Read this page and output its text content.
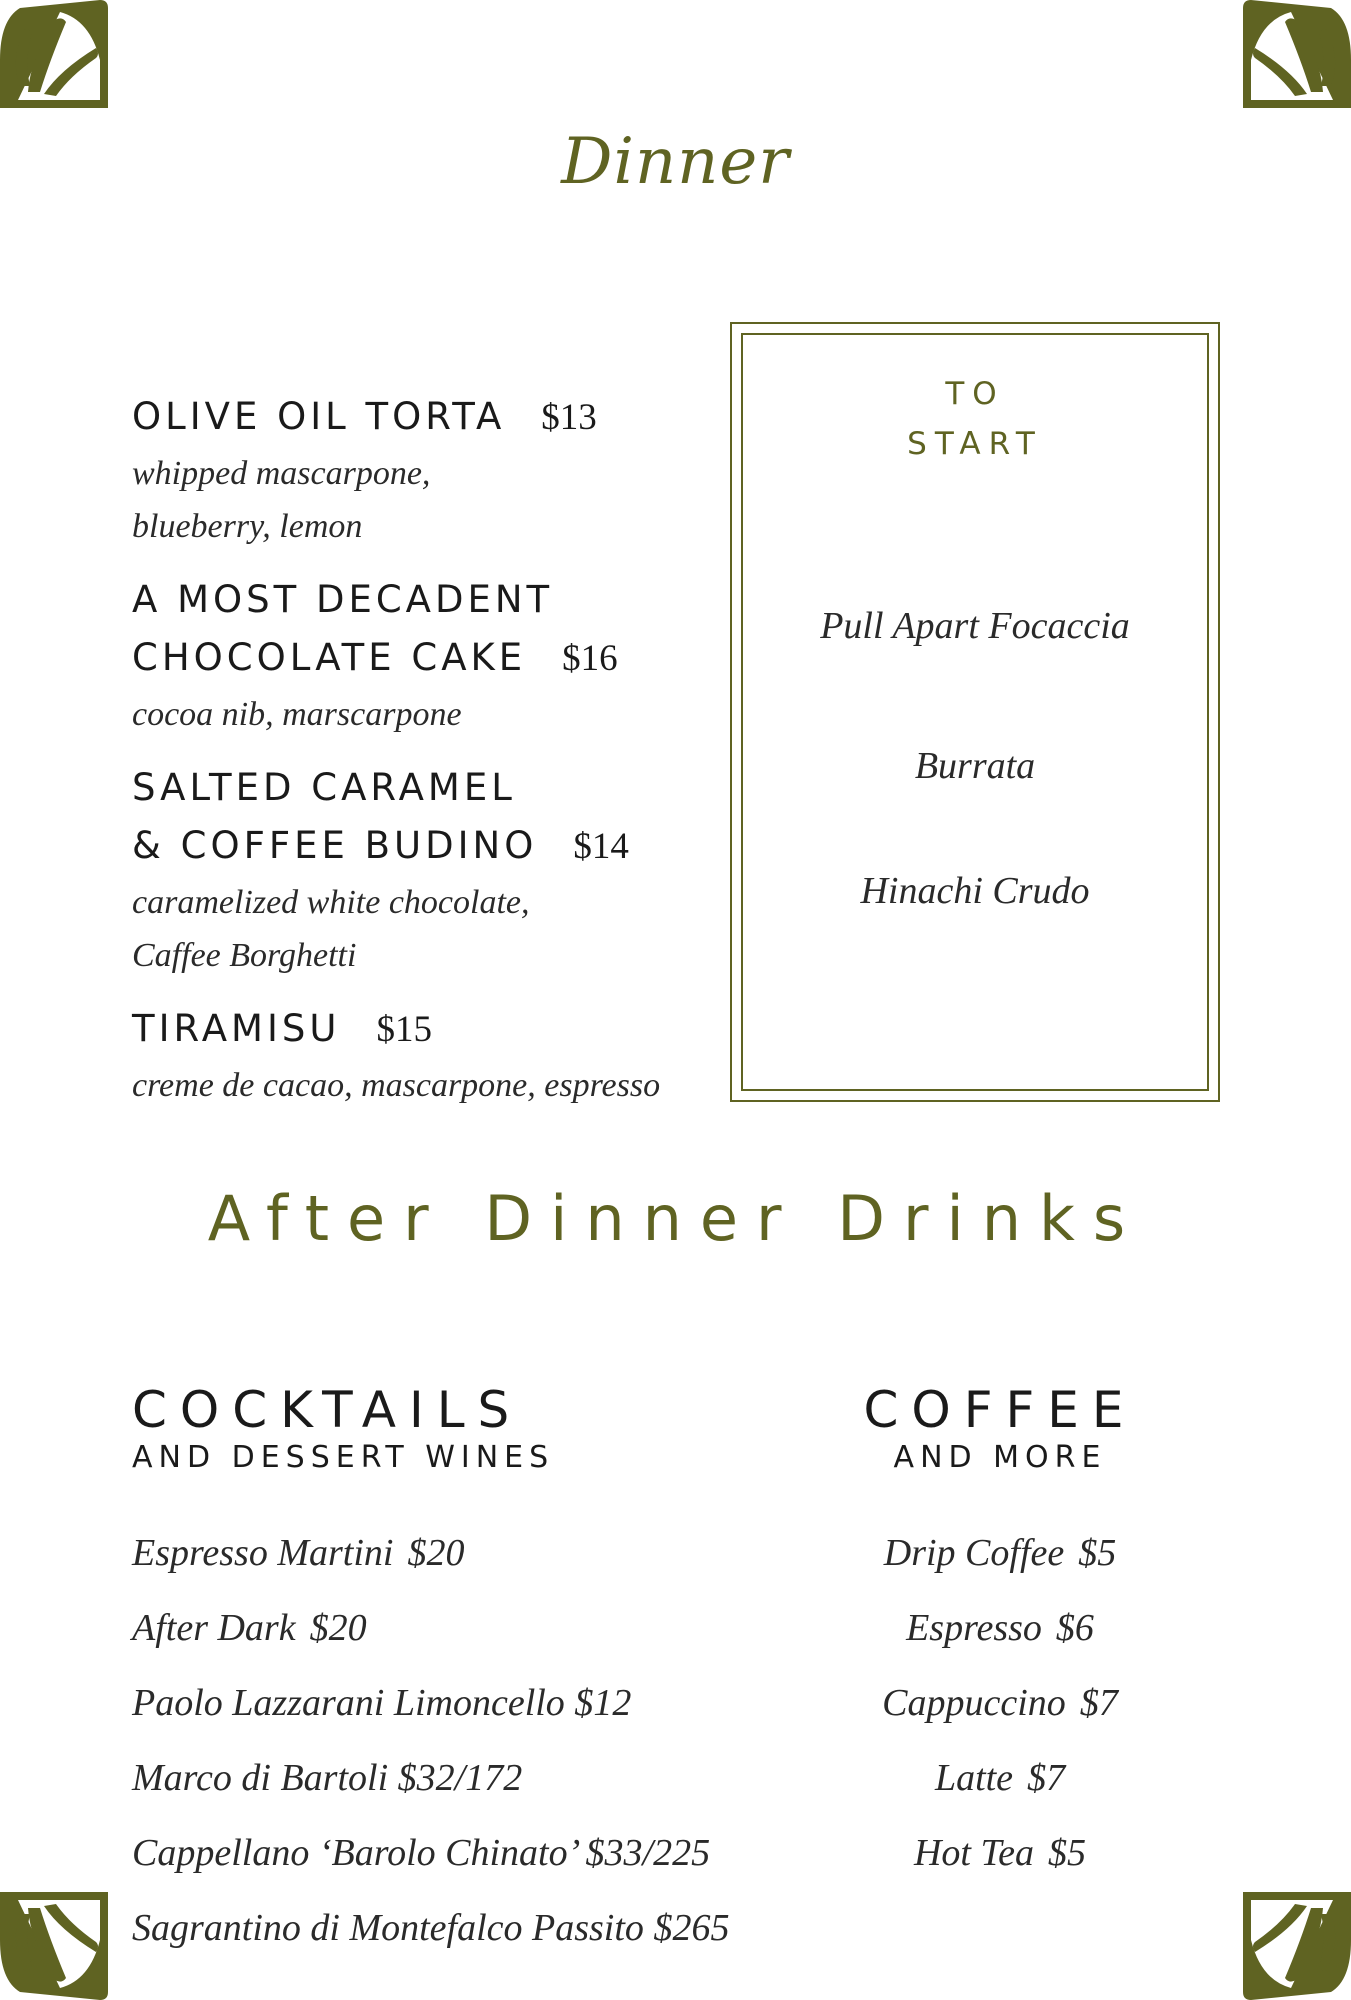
Dinner
OLIVE OIL TORTA $13
whipped mascarpone,
blueberry, lemon
A MOST DECADENT
CHOCOLATE CAKE $16
cocoa nib, marscarpone
SALTED CARAMEL
& COFFEE BUDINO $14
caramelized white chocolate,
Caffee Borghetti
TIRAMISU $15
creme de cacao, mascarpone, espresso
TO
START
Pull Apart Focaccia
Burrata
Hinachi Crudo
After Dinner Drinks
COCKTAILS
AND DESSERT WINES
Espresso Martini $20
After Dark $20
Paolo Lazzarani Limoncello $12
Marco di Bartoli $32/172
Cappellano ‘Barolo Chinato’ $33/225
Sagrantino di Montefalco Passito $265
COFFEE
AND MORE
Drip Coffee $5
Espresso $6
Cappuccino $7
Latte $7
Hot Tea $5
